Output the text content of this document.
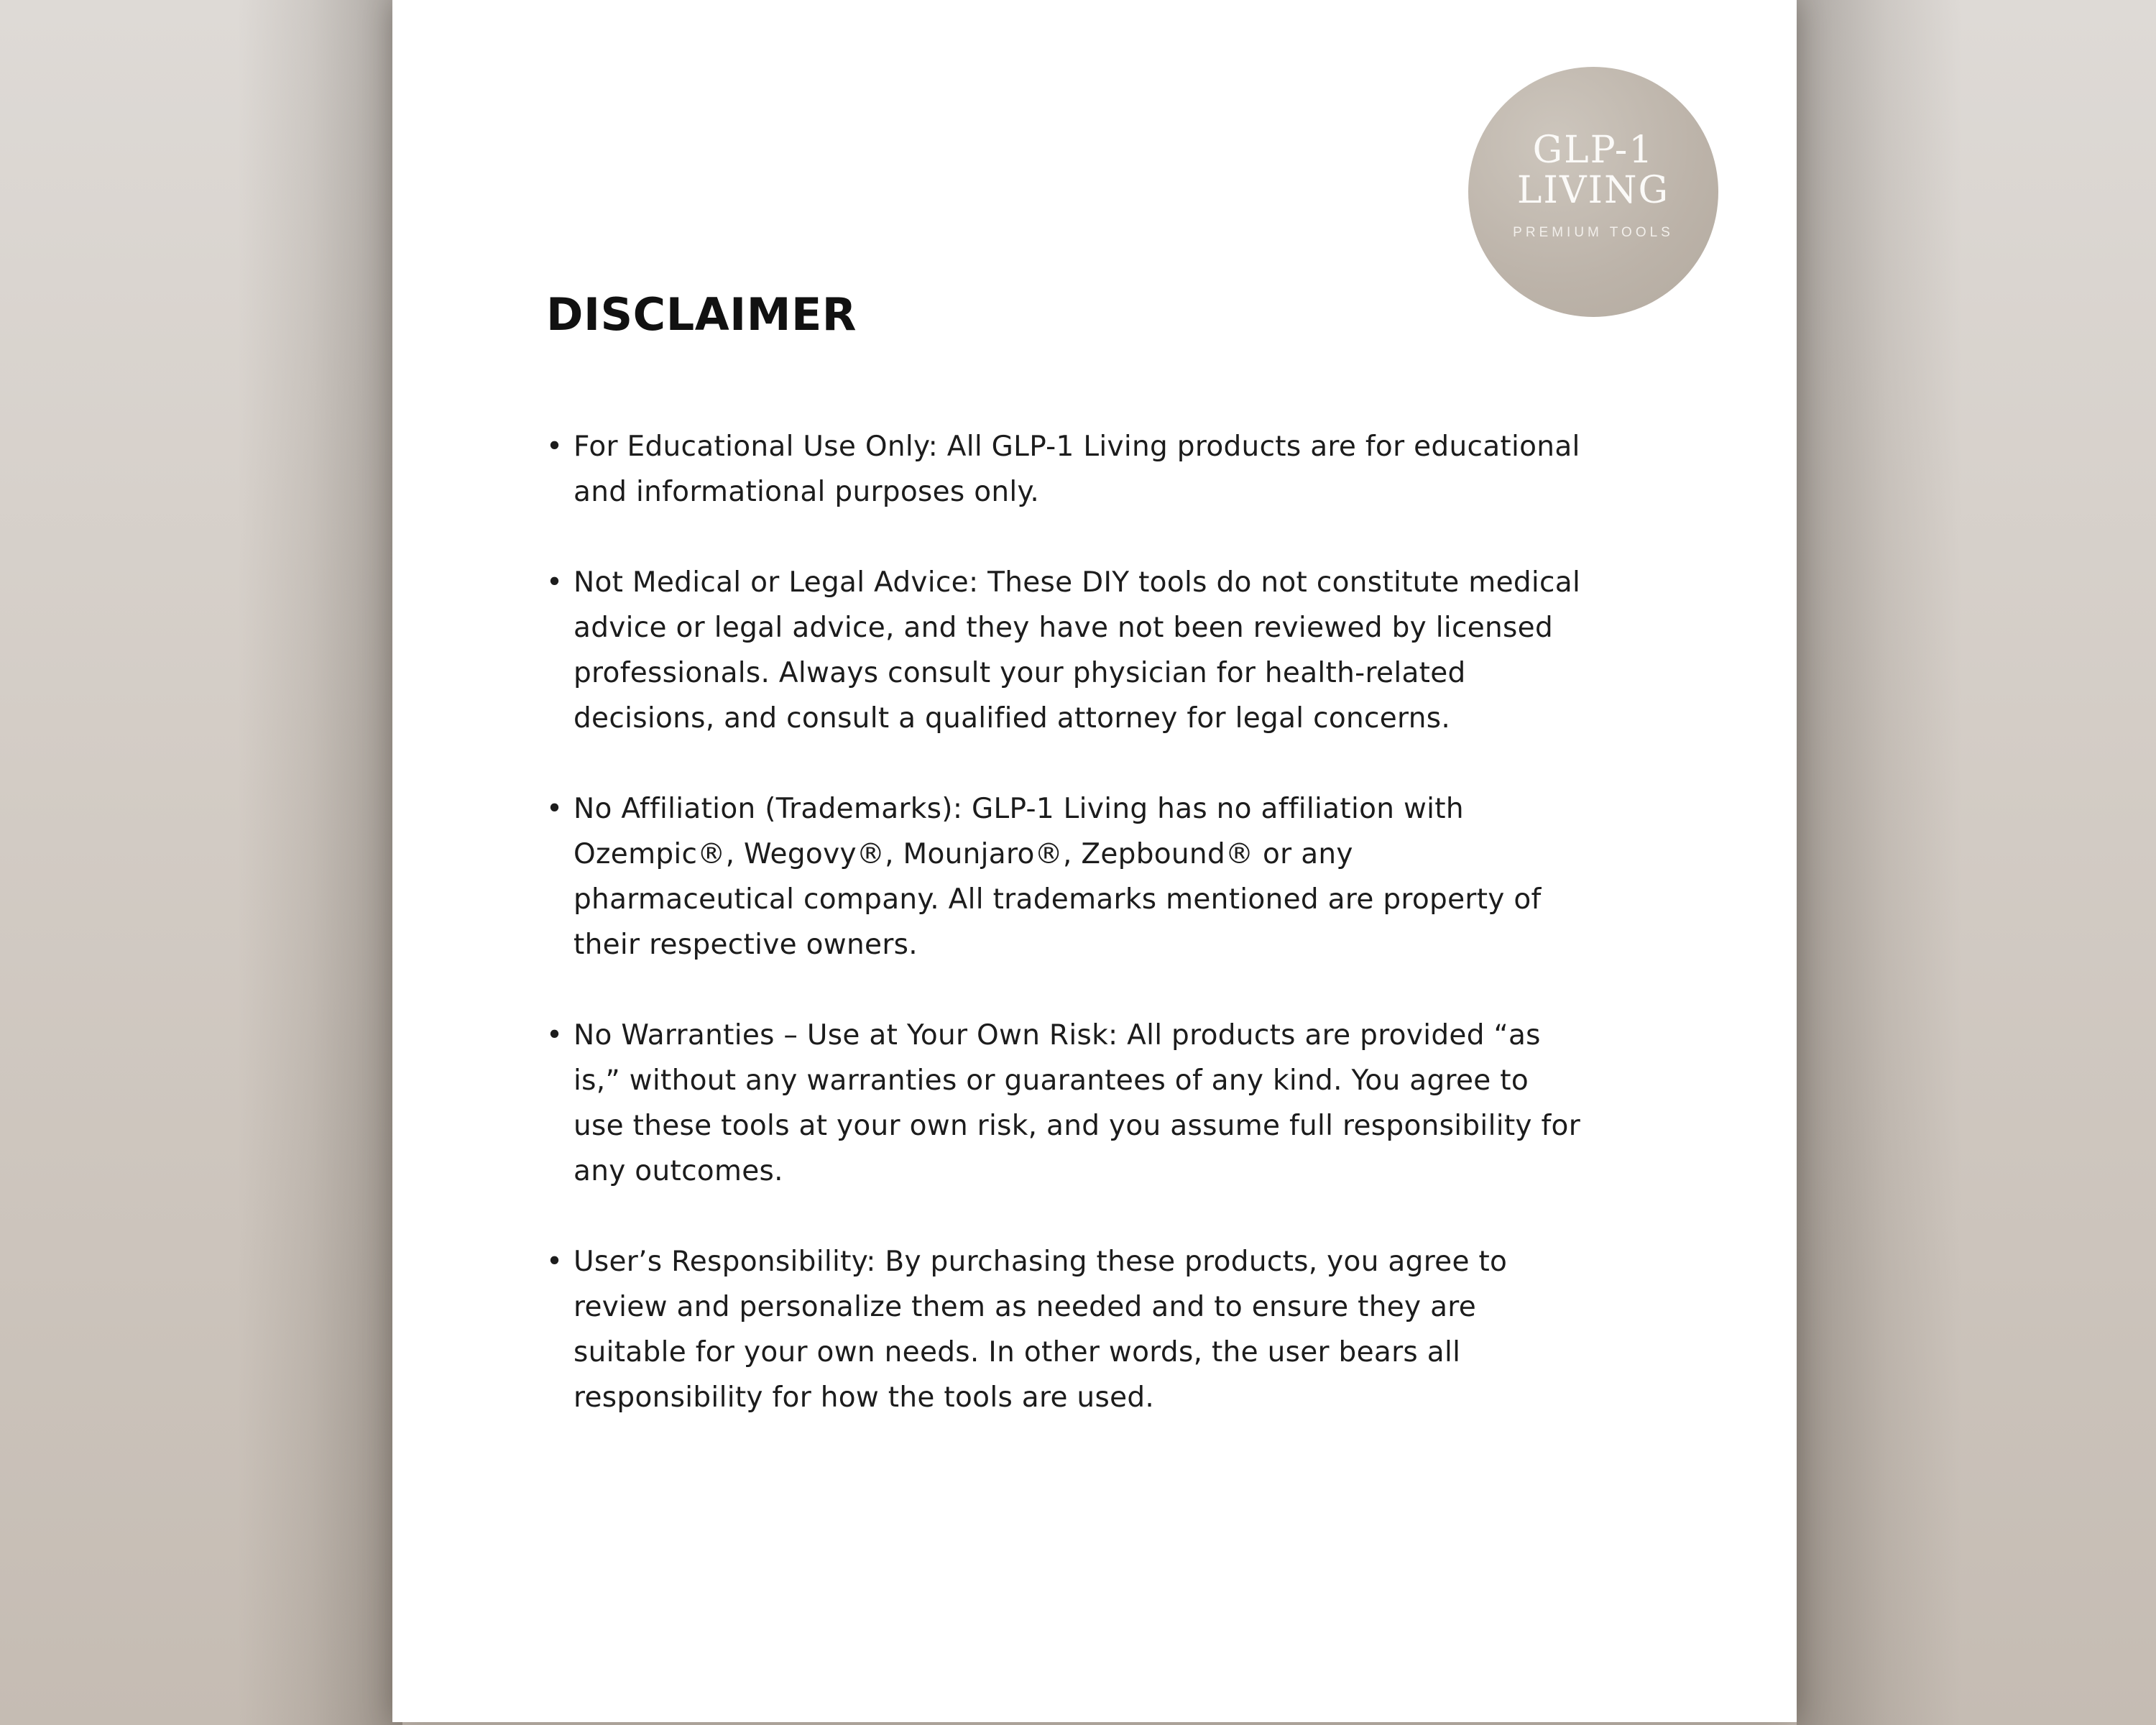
GLP-1
LIVING
PREMIUM TOOLS
DISCLAIMER
• For Educational Use Only: All GLP-1 Living products are for educational and informational purposes only.
• Not Medical or Legal Advice: These DIY tools do not constitute medical advice or legal advice, and they have not been reviewed by licensed professionals. Always consult your physician for health-related decisions, and consult a qualified attorney for legal concerns.
• No Affiliation (Trademarks): GLP-1 Living has no affiliation with Ozempic®, Wegovy®, Mounjaro®, Zepbound® or any pharmaceutical company. All trademarks mentioned are property of their respective owners.
• No Warranties – Use at Your Own Risk: All products are provided “as is,” without any warranties or guarantees of any kind. You agree to use these tools at your own risk, and you assume full responsibility for any outcomes.
• User’s Responsibility: By purchasing these products, you agree to review and personalize them as needed and to ensure they are suitable for your own needs. In other words, the user bears all responsibility for how the tools are used.
